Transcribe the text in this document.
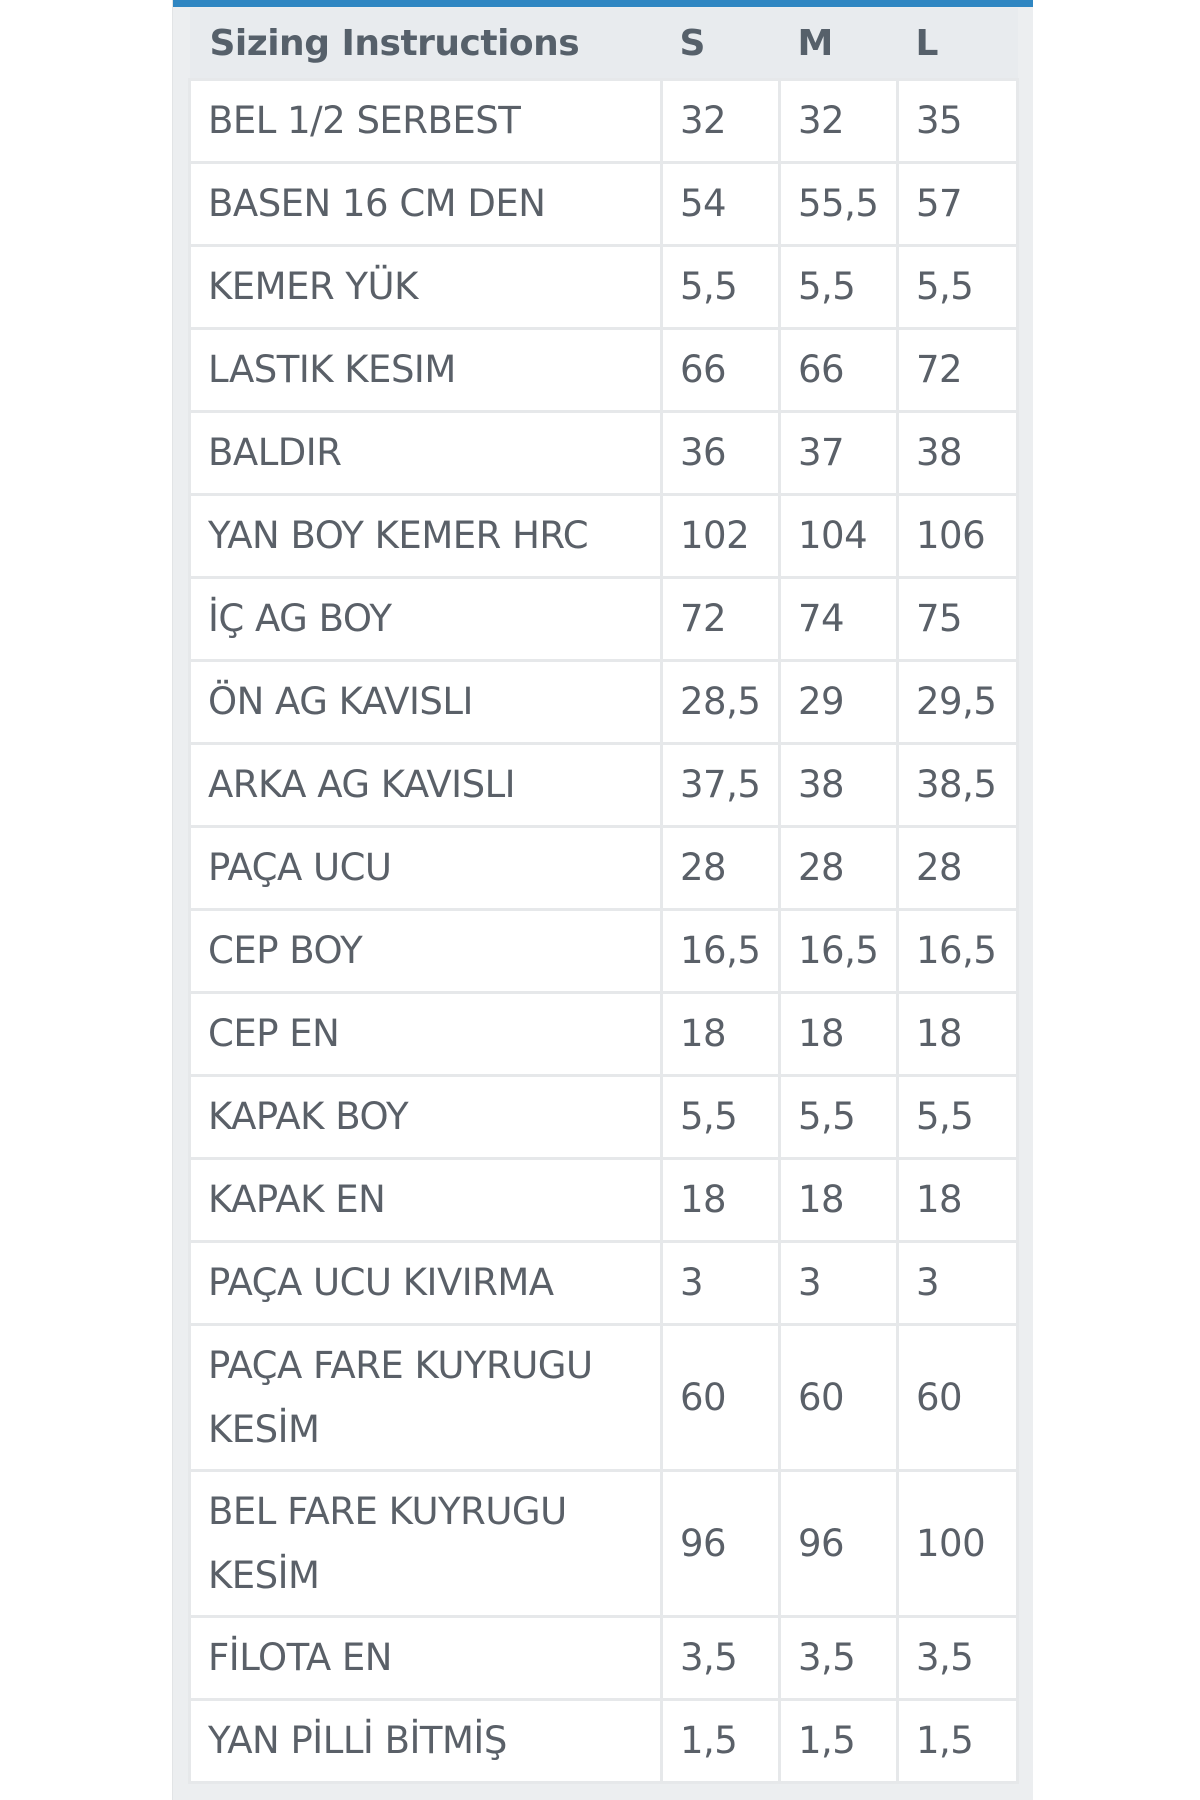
Sizing Instructions	S	M	L
BEL 1/2 SERBEST	32	32	35
BASEN 16 CM DEN	54	55,5	57
KEMER YÜK	5,5	5,5	5,5
LASTIK KESIM	66	66	72
BALDIR	36	37	38
YAN BOY KEMER HRC	102	104	106
İÇ AG BOY	72	74	75
ÖN AG KAVISLI	28,5	29	29,5
ARKA AG KAVISLI	37,5	38	38,5
PAÇA UCU	28	28	28
CEP BOY	16,5	16,5	16,5
CEP EN	18	18	18
KAPAK BOY	5,5	5,5	5,5
KAPAK EN	18	18	18
PAÇA UCU KIVIRMA	3	3	3
PAÇA FARE KUYRUGU KESİM	60	60	60
BEL FARE KUYRUGU KESİM	96	96	100
FİLOTA EN	3,5	3,5	3,5
YAN PİLLİ BİTMİŞ	1,5	1,5	1,5
